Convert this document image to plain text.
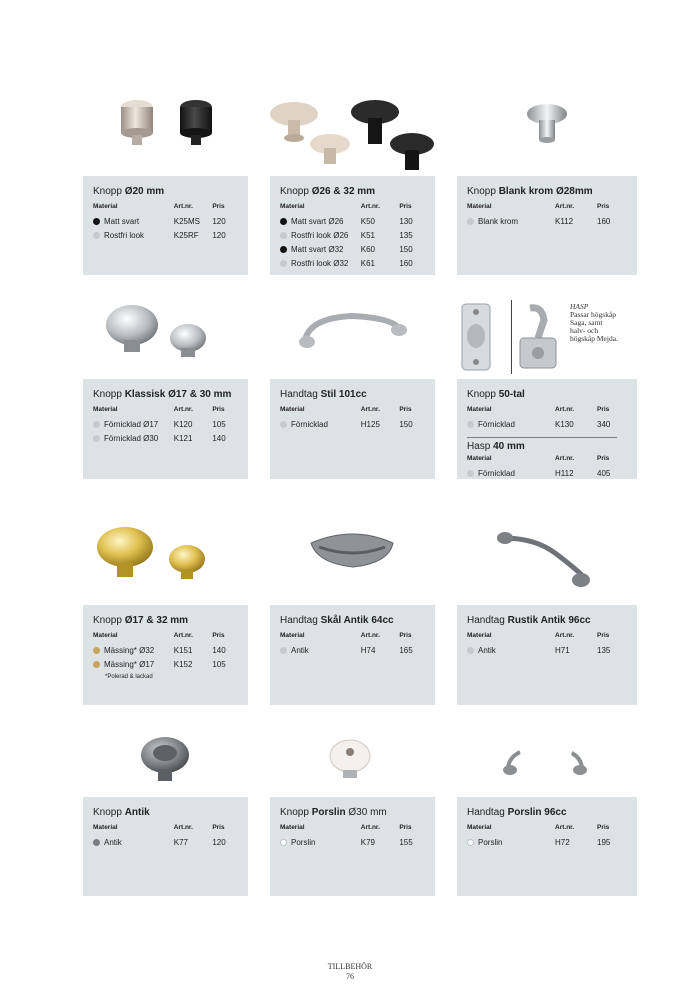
HASP
Passar högskåp
Saga, samt
halv- och
högskåp Mejda.
Knopp Ø20 mm
Material	Art.nr.	Pris
Matt svart	K25MS	120
Rostfri look	K25RF	120
Knopp Ø26 & 32 mm
Material	Art.nr.	Pris
Matt svart Ø26 K50	130
Rostfri look Ø26 K51	135
Matt svart Ø32 K60	150
Rostfri look Ø32 K61	160
Knopp Blank krom Ø28mm
Material	Art.nr.	Pris
Blank krom	K112	160
Knopp Klassisk Ø17 & 30 mm
Material	Art.nr.	Pris
Förnicklad Ø17 K120	105
Förnicklad Ø30 K121	140
Handtag Stil 101cc
Material	Art.nr.	Pris
Förnicklad	H125	150
Knopp 50-tal
Material	Art.nr.	Pris
Förnicklad	K130	340
Hasp 40 mm
Material	Art.nr.	Pris
Förnicklad	H112	405
Knopp Ø17 & 32 mm
Material	Art.nr.	Pris
Mässing* Ø32 K151	140
Mässing* Ø17 K152	105
*Polerad & lackad
Handtag Skål Antik 64cc
Material	Art.nr.	Pris
Antik	H74	165
Handtag Rustik Antik 96cc
Material	Art.nr.	Pris
Antik	H71	135
Knopp Antik
Material	Art.nr.	Pris
Antik	K77	120
Knopp Porslin Ø30 mm
Material	Art.nr.	Pris
Porslin	K79	155
Handtag Porslin 96cc
Material	Art.nr.	Pris
Porslin	H72	195
TILLBEHÖR
76
